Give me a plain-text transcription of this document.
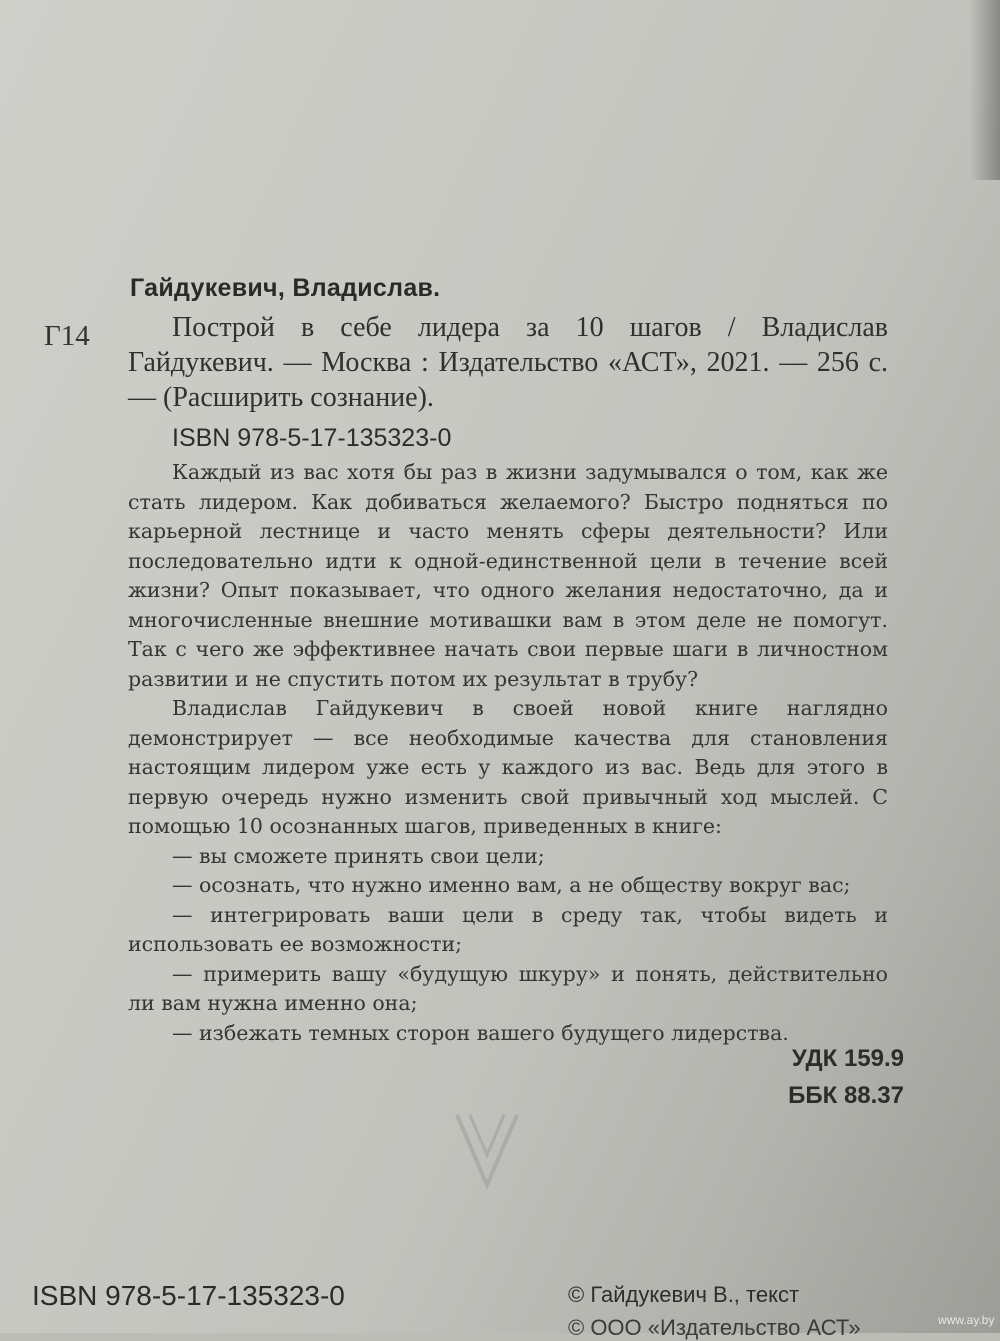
Гайдукевич, Владислав.
Г14	Построй в себе лидера за 10 шагов / Владислав Гайдукевич. — Москва : Издательство «АСТ», 2021. — 256 с. — (Расширить сознание).
ISBN 978-5-17-135323-0

Каждый из вас хотя бы раз в жизни задумывался о том, как же стать лидером. Как добиваться желаемого? Быстро подняться по карьерной лестнице и часто менять сферы деятельности? Или последовательно идти к одной-единственной цели в течение всей жизни? Опыт показывает, что одного желания недостаточно, да и многочисленные внешние мотивашки вам в этом деле не помогут. Так с чего же эффективнее начать свои первые шаги в личностном развитии и не спустить потом их результат в трубу?

Владислав Гайдукевич в своей новой книге наглядно демонстрирует — все необходимые качества для становления настоящим лидером уже есть у каждого из вас. Ведь для этого в первую очередь нужно изменить свой привычный ход мыслей. С помощью 10 осознанных шагов, приведенных в книге:

— вы сможете принять свои цели;

— осознать, что нужно именно вам, а не обществу вокруг вас;

— интегрировать ваши цели в среду так, чтобы видеть и использовать ее возможности;

— примерить вашу «будущую шкуру» и понять, действительно ли вам нужна именно она;

— избежать темных сторон вашего будущего лидерства.

УДК 159.9
ББК 88.37
ISBN 978-5-17-135323-0	© Гайдукевич В., текст
© ООО «Издательство АСТ»	www.ay.by
